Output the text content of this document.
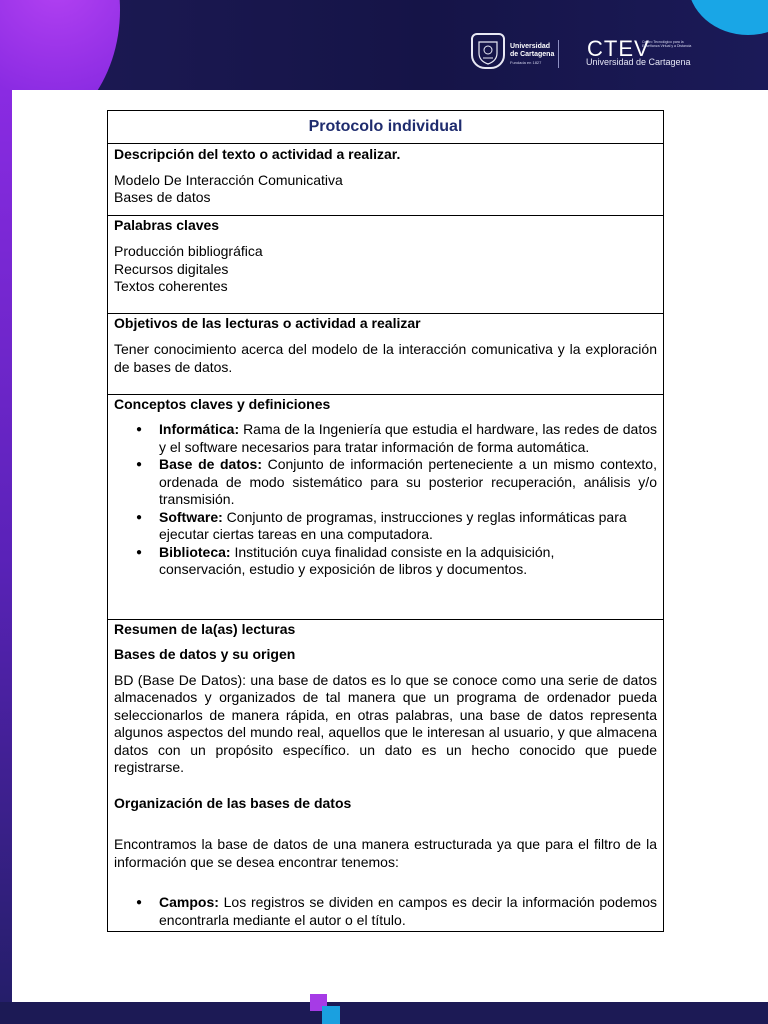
Universidad
de Cartagena
Fundada en 1827
CTEV
Centro Tecnológico para la Enseñanza Virtual y a Distancia
Universidad de Cartagena
Protocolo individual

Descripción del texto o actividad a realizar.
Modelo De Interacción Comunicativa
Bases de datos

Palabras claves
Producción bibliográfica
Recursos digitales
Textos coherentes

Objetivos de las lecturas o actividad a realizar
Tener conocimiento acerca del modelo de la interacción comunicativa y la exploración de bases de datos.

Conceptos claves y definiciones
● Informática: Rama de la Ingeniería que estudia el hardware, las redes de datos y el software necesarios para tratar información de forma automática.
● Base de datos: Conjunto de información perteneciente a un mismo contexto, ordenada de modo sistemático para su posterior recuperación, análisis y/o transmisión.
● Software: Conjunto de programas, instrucciones y reglas informáticas para ejecutar ciertas tareas en una computadora.
● Biblioteca: Institución cuya finalidad consiste en la adquisición, conservación, estudio y exposición de libros y documentos.

Resumen de la(as) lecturas
Bases de datos y su origen
BD (Base De Datos): una base de datos es lo que se conoce como una serie de datos almacenados y organizados de tal manera que un programa de ordenador pueda seleccionarlos de manera rápida, en otras palabras, una base de datos representa algunos aspectos del mundo real, aquellos que le interesan al usuario, y que almacena datos con un propósito específico. un dato es un hecho conocido que puede registrarse.
Organización de las bases de datos
Encontramos la base de datos de una manera estructurada ya que para el filtro de la información que se desea encontrar tenemos:
● Campos: Los registros se dividen en campos es decir la información podemos encontrarla mediante el autor o el título.
